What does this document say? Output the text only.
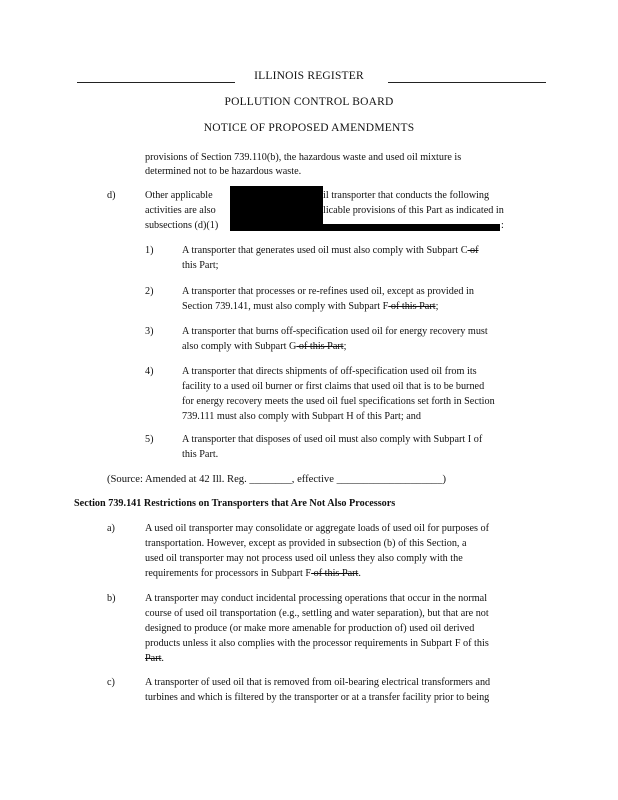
ILLINOIS REGISTER
POLLUTION CONTROL BOARD
NOTICE OF PROPOSED AMENDMENTS
provisions of Section 739.110(b), the hazardous waste and used oil mixture is
determined not to be hazardous waste.
d)	Other applicable	il transporter that conducts the following
activities are also	licable provisions of this Part as indicated in
subsections (d)(1)	:
1)	A transporter that generates used oil must also comply with Subpart C of
this Part;
2)	A transporter that processes or re-refines used oil, except as provided in
Section 739.141, must also comply with Subpart F of this Part;
3)	A transporter that burns off-specification used oil for energy recovery must
also comply with Subpart G of this Part;
4)	A transporter that directs shipments of off-specification used oil from its
facility to a used oil burner or first claims that used oil that is to be burned
for energy recovery meets the used oil fuel specifications set forth in Section
739.111 must also comply with Subpart H of this Part; and
5)	A transporter that disposes of used oil must also comply with Subpart I of
this Part.
(Source: Amended at 42 Ill. Reg. ________, effective ____________________)
Section 739.141 Restrictions on Transporters that Are Not Also Processors
a)	A used oil transporter may consolidate or aggregate loads of used oil for purposes of
transportation. However, except as provided in subsection (b) of this Section, a
used oil transporter may not process used oil unless they also comply with the
requirements for processors in Subpart F of this Part.
b)	A transporter may conduct incidental processing operations that occur in the normal
course of used oil transportation (e.g., settling and water separation), but that are not
designed to produce (or make more amenable for production of) used oil derived
products unless it also complies with the processor requirements in Subpart F of this
Part.
c)	A transporter of used oil that is removed from oil-bearing electrical transformers and
turbines and which is filtered by the transporter or at a transfer facility prior to being
